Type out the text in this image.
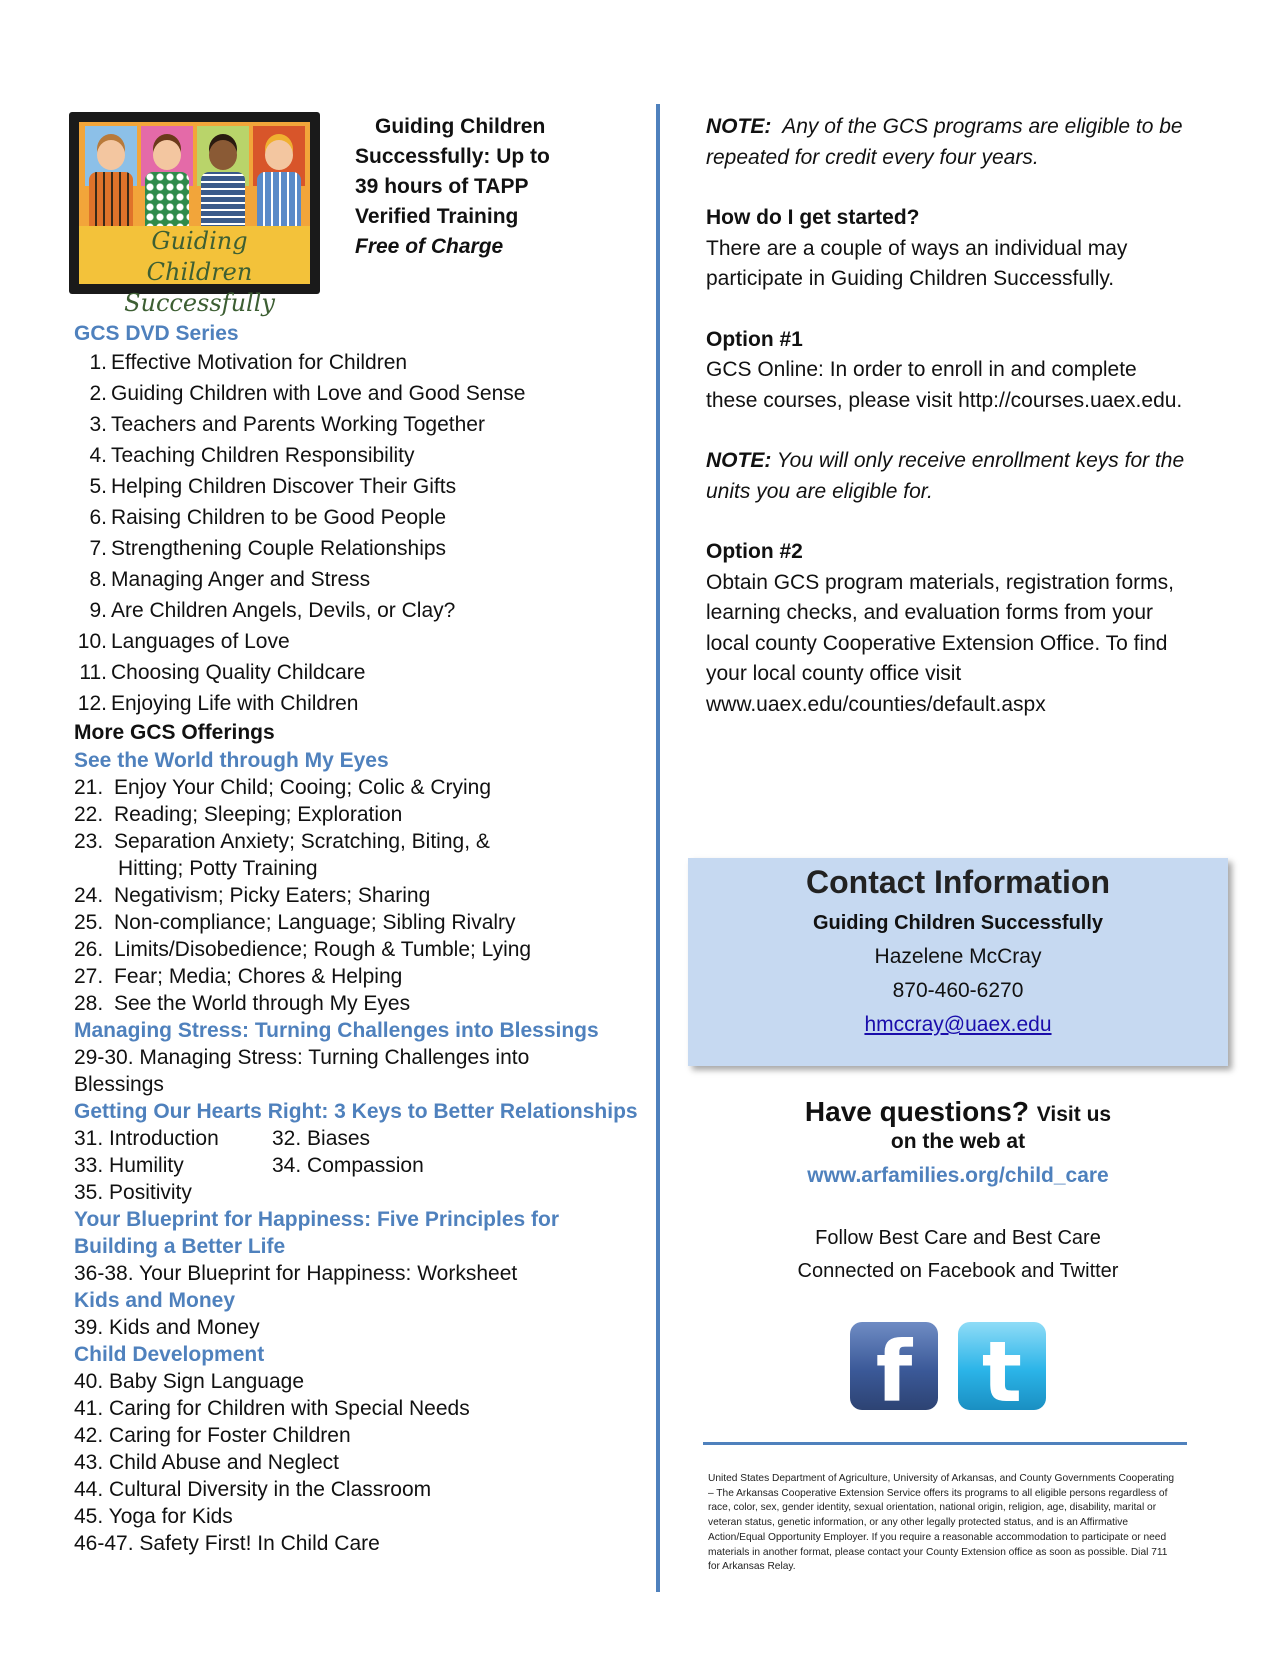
Guiding Children
Successfully
Guiding Children
Successfully: Up to
39 hours of TAPP
Verified Training
Free of Charge
GCS DVD Series
1. Effective Motivation for Children
2. Guiding Children with Love and Good Sense
3. Teachers and Parents Working Together
4. Teaching Children Responsibility
5. Helping Children Discover Their Gifts
6. Raising Children to be Good People
7. Strengthening Couple Relationships
8. Managing Anger and Stress
9. Are Children Angels, Devils, or Clay?
10. Languages of Love
11. Choosing Quality Childcare
12. Enjoying Life with Children
More GCS Offerings
See the World through My Eyes
21. Enjoy Your Child; Cooing; Colic & Crying
22. Reading; Sleeping; Exploration
23. Separation Anxiety; Scratching, Biting, &
Hitting; Potty Training
24. Negativism; Picky Eaters; Sharing
25. Non-compliance; Language; Sibling Rivalry
26. Limits/Disobedience; Rough & Tumble; Lying
27. Fear; Media; Chores & Helping
28. See the World through My Eyes
Managing Stress: Turning Challenges into Blessings
29-30. Managing Stress: Turning Challenges into
Blessings
Getting Our Hearts Right: 3 Keys to Better Relationships
31. Introduction
33. Humility
35. Positivity
32. Biases
34. Compassion
Your Blueprint for Happiness: Five Principles for
Building a Better Life
36-38. Your Blueprint for Happiness: Worksheet
Kids and Money
39. Kids and Money
Child Development
40. Baby Sign Language
41. Caring for Children with Special Needs
42. Caring for Foster Children
43. Child Abuse and Neglect
44. Cultural Diversity in the Classroom
45. Yoga for Kids
46-47. Safety First! In Child Care

NOTE: Any of the GCS programs are eligible to be repeated for credit every four years.

How do I get started?
There are a couple of ways an individual may participate in Guiding Children Successfully.

Option #1
GCS Online: In order to enroll in and complete these courses, please visit http://courses.uaex.edu.

NOTE: You will only receive enrollment keys for the units you are eligible for.

Option #2
Obtain GCS program materials, registration forms, learning checks, and evaluation forms from your local county Cooperative Extension Office. To find your local county office visit www.uaex.edu/counties/default.aspx

Contact Information
Guiding Children Successfully
Hazelene McCray
870-460-6270
hmccray@uaex.edu
Have questions? Visit us
on the web at
www.arfamilies.org/child_care
Follow Best Care and Best Care
Connected on Facebook and Twitter
f t
United States Department of Agriculture, University of Arkansas, and County Governments Cooperating – The Arkansas Cooperative Extension Service offers its programs to all eligible persons regardless of race, color, sex, gender identity, sexual orientation, national origin, religion, age, disability, marital or veteran status, genetic information, or any other legally protected status, and is an Affirmative Action/Equal Opportunity Employer. If you require a reasonable accommodation to participate or need materials in another format, please contact your County Extension office as soon as possible. Dial 711 for Arkansas Relay.
